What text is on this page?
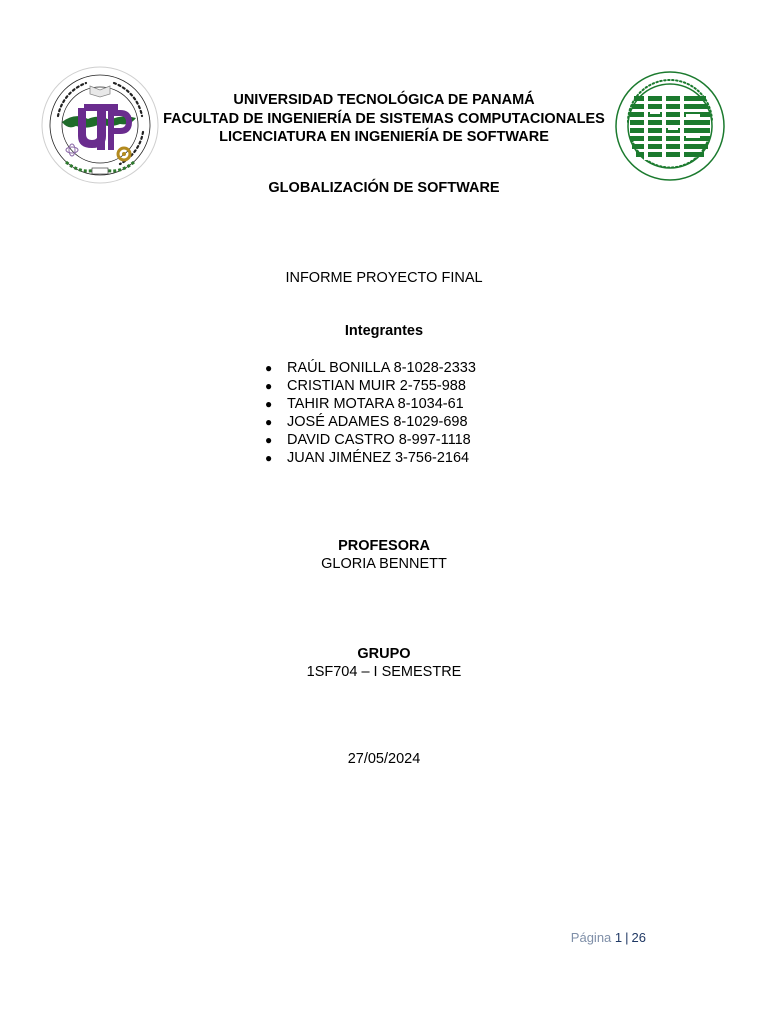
UNIVERSIDAD TECNOLÓGICA DE PANAMÁ
FACULTAD DE INGENIERÍA DE SISTEMAS COMPUTACIONALES
LICENCIATURA EN INGENIERÍA DE SOFTWARE
GLOBALIZACIÓN DE SOFTWARE
INFORME PROYECTO FINAL
Integrantes
● RAÚL BONILLA 8-1028-2333
● CRISTIAN MUIR 2-755-988
● TAHIR MOTARA 8-1034-61
● JOSÉ ADAMES 8-1029-698
● DAVID CASTRO 8-997-1118
● JUAN JIMÉNEZ 3-756-2164
PROFESORA
GLORIA BENNETT
GRUPO
1SF704 – I SEMESTRE
27/05/2024
Página 1 | 26
